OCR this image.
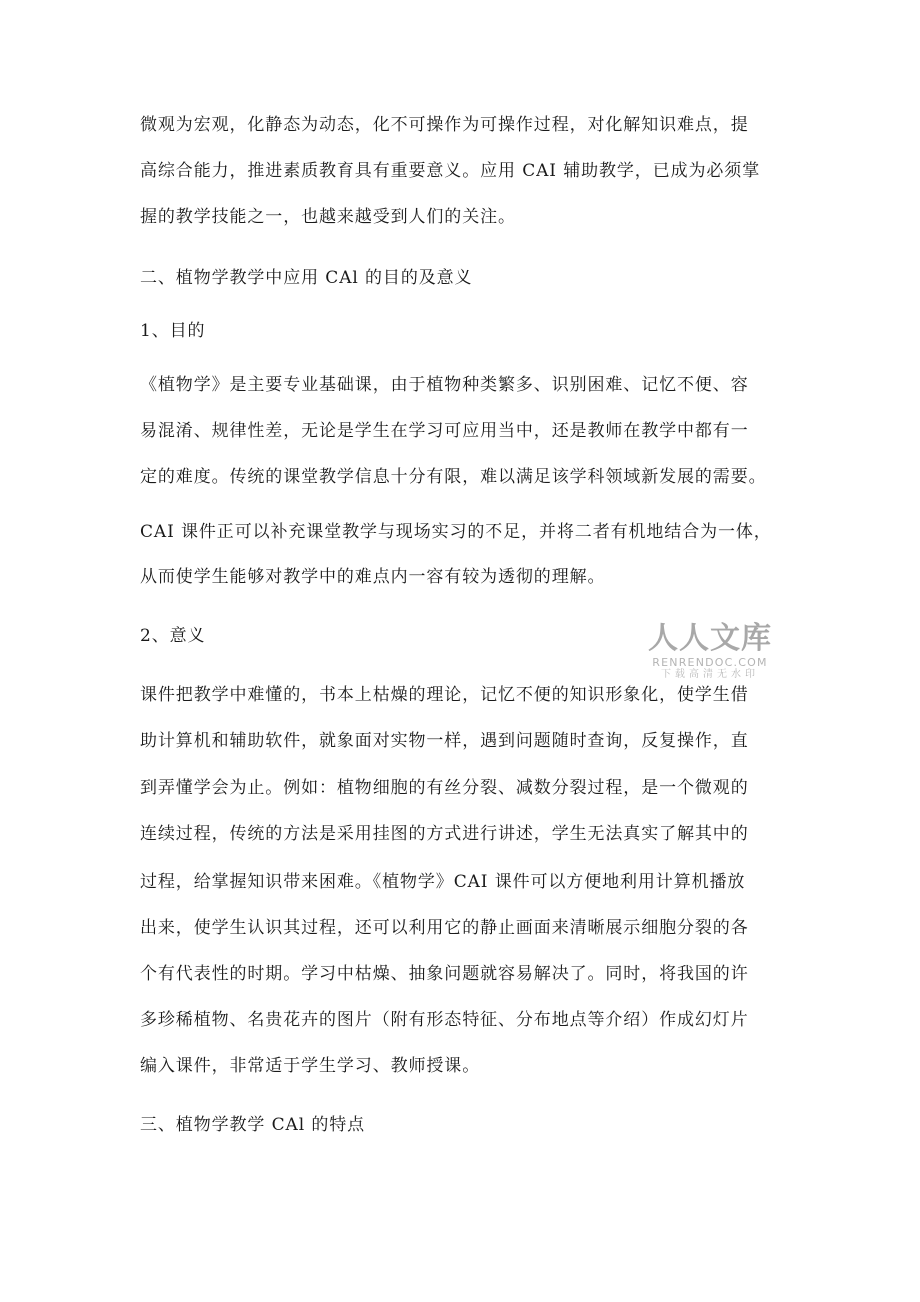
微观为宏观，化静态为动态，化不可操作为可操作过程，对化解知识难点，提
高综合能力，推进素质教育具有重要意义。应用 CAI 辅助教学，已成为必须掌
握的教学技能之一，也越来越受到人们的关注。
二、植物学教学中应用 CAl 的目的及意义
1、目的
《植物学》是主要专业基础课，由于植物种类繁多、识别困难、记忆不便、容
易混淆、规律性差，无论是学生在学习可应用当中，还是教师在教学中都有一
定的难度。传统的课堂教学信息十分有限，难以满足该学科领域新发展的需要。
CAI 课件正可以补充课堂教学与现场实习的不足，并将二者有机地结合为一体，
从而使学生能够对教学中的难点内一容有较为透彻的理解。
2、意义
课件把教学中难懂的，书本上枯燥的理论，记忆不便的知识形象化，使学生借
助计算机和辅助软件，就象面对实物一样，遇到问题随时查询，反复操作，直
到弄懂学会为止。例如：植物细胞的有丝分裂、减数分裂过程，是一个微观的
连续过程，传统的方法是采用挂图的方式进行讲述，学生无法真实了解其中的
过程，给掌握知识带来困难。《植物学》CAI 课件可以方便地利用计算机播放
出来，使学生认识其过程，还可以利用它的静止画面来清晰展示细胞分裂的各
个有代表性的时期。学习中枯燥、抽象问题就容易解决了。同时，将我国的许
多珍稀植物、名贵花卉的图片（附有形态特征、分布地点等介绍）作成幻灯片
编入课件，非常适于学生学习、教师授课。
三、植物学教学 CAl 的特点
人人文库
RENRENDOC.COM
下载高清无水印
